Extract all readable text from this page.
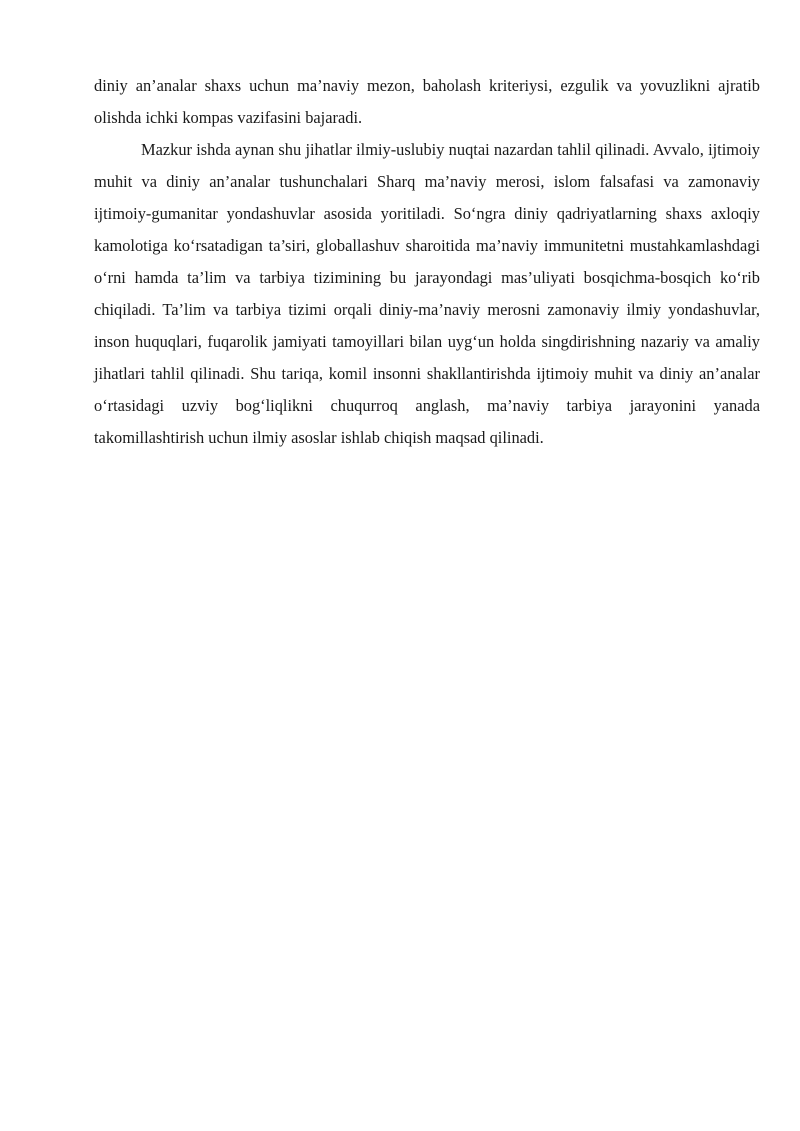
diniy an’analar shaxs uchun ma’naviy mezon, baholash kriteriysi, ezgulik va yovuzlikni ajratib olishda ichki kompas vazifasini bajaradi.

Mazkur ishda aynan shu jihatlar ilmiy-uslubiy nuqtai nazardan tahlil qilinadi. Avvalo, ijtimoiy muhit va diniy an’analar tushunchalari Sharq ma’naviy merosi, islom falsafasi va zamonaviy ijtimoiy-gumanitar yondashuvlar asosida yoritiladi. So‘ngra diniy qadriyatlarning shaxs axloqiy kamolotiga ko‘rsatadigan ta’siri, globallashuv sharoitida ma’naviy immunitetni mustahkamlashdagi o‘rni hamda ta’lim va tarbiya tizimining bu jarayondagi mas’uliyati bosqichma-bosqich ko‘rib chiqiladi. Ta’lim va tarbiya tizimi orqali diniy-ma’naviy merosni zamonaviy ilmiy yondashuvlar, inson huquqlari, fuqarolik jamiyati tamoyillari bilan uyg‘un holda singdirishning nazariy va amaliy jihatlari tahlil qilinadi. Shu tariqa, komil insonni shakllantirishda ijtimoiy muhit va diniy an’analar o‘rtasidagi uzviy bog‘liqlikni chuqurroq anglash, ma’naviy tarbiya jarayonini yanada takomillashtirish uchun ilmiy asoslar ishlab chiqish maqsad qilinadi.
